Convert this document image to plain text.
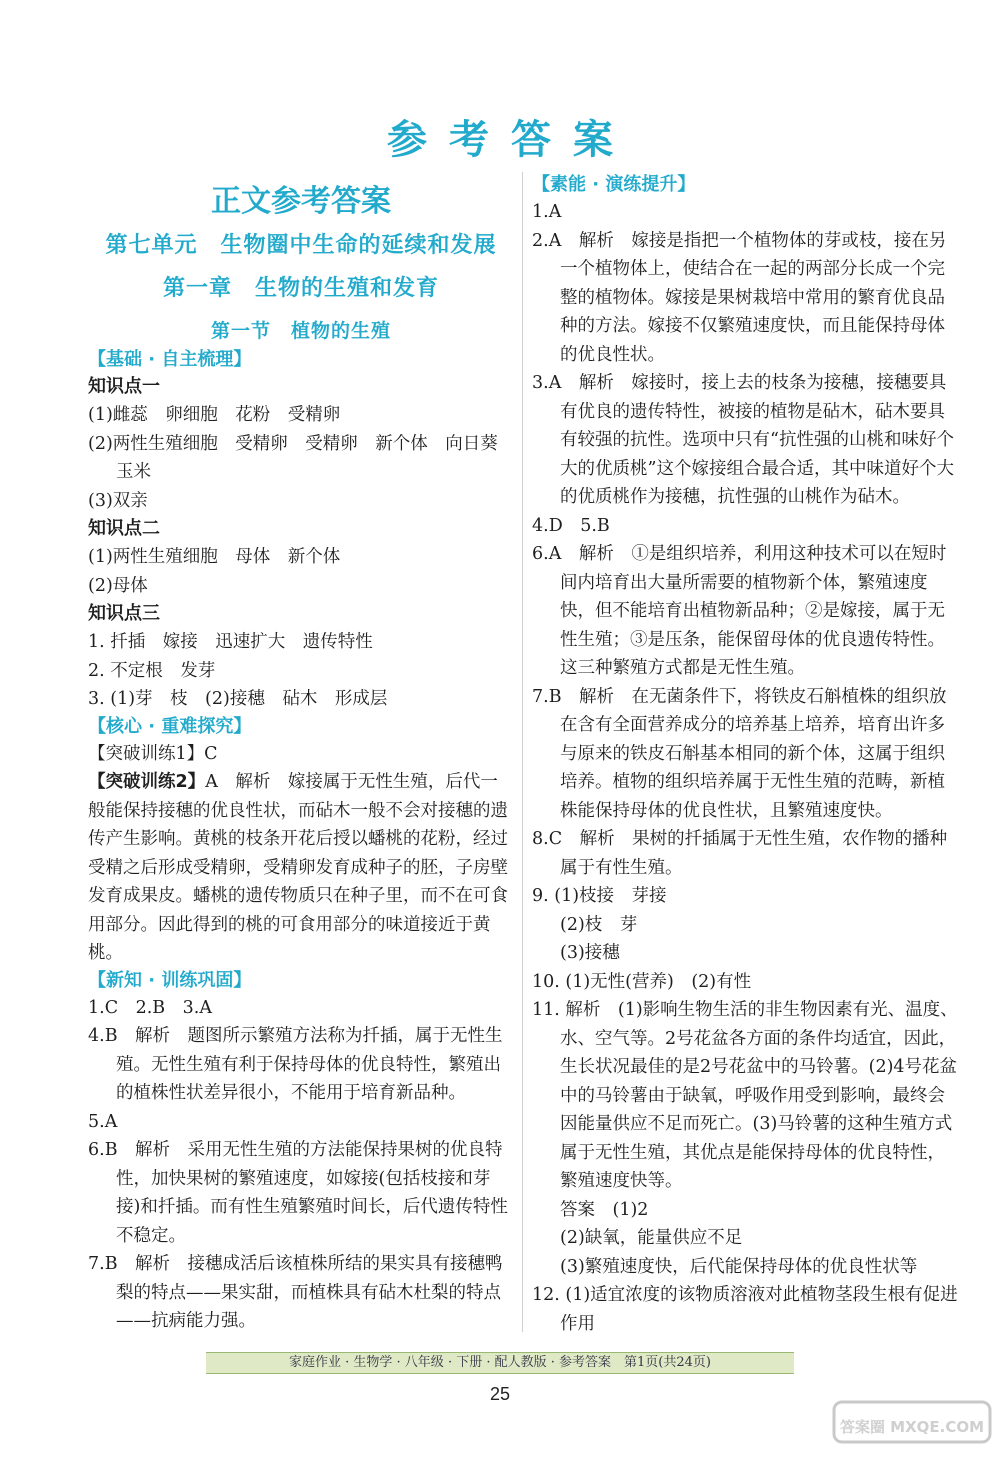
参考答案
正文参考答案
第七单元　生物圈中生命的延续和发展
第一章　生物的生殖和发育
第一节　植物的生殖
【基础 · 自主梳理】
知识点一
(1)雌蕊　卵细胞　花粉　受精卵
(2)两性生殖细胞　受精卵　受精卵　新个体　向日葵　玉米
(3)双亲
知识点二
(1)两性生殖细胞　母体　新个体
(2)母体
知识点三
1. 扦插　嫁接　迅速扩大　遗传特性
2. 不定根　发芽
3. (1)芽　枝　(2)接穗　砧木　形成层
【核心 · 重难探究】
【突破训练1】C
【突破训练2】A　解析　嫁接属于无性生殖，后代一般能保持接穗的优良性状，而砧木一般不会对接穗的遗传产生影响。黄桃的枝条开花后授以蟠桃的花粉，经过受精之后形成受精卵，受精卵发育成种子的胚，子房壁发育成果皮。蟠桃的遗传物质只在种子里，而不在可食用部分。因此得到的桃的可食用部分的味道接近于黄桃。
【新知 · 训练巩固】
1.C　2.B　3.A
4.B　解析　题图所示繁殖方法称为扦插，属于无性生殖。无性生殖有利于保持母体的优良特性，繁殖出的植株性状差异很小，不能用于培育新品种。
5.A
6.B　解析　采用无性生殖的方法能保持果树的优良特性，加快果树的繁殖速度，如嫁接(包括枝接和芽接)和扦插。而有性生殖繁殖时间长，后代遗传特性不稳定。
7.B　解析　接穗成活后该植株所结的果实具有接穗鸭梨的特点——果实甜，而植株具有砧木杜梨的特点——抗病能力强。
【素能 · 演练提升】
1.A
2.A　解析　嫁接是指把一个植物体的芽或枝，接在另一个植物体上，使结合在一起的两部分长成一个完整的植物体。嫁接是果树栽培中常用的繁育优良品种的方法。嫁接不仅繁殖速度快，而且能保持母体的优良性状。
3.A　解析　嫁接时，接上去的枝条为接穗，接穗要具有优良的遗传特性，被接的植物是砧木，砧木要具有较强的抗性。选项中只有“抗性强的山桃和味好个大的优质桃”这个嫁接组合最合适，其中味道好个大的优质桃作为接穗，抗性强的山桃作为砧木。
4.D　5.B
6.A　解析　①是组织培养，利用这种技术可以在短时间内培育出大量所需要的植物新个体，繁殖速度快，但不能培育出植物新品种；②是嫁接，属于无性生殖；③是压条，能保留母体的优良遗传特性。这三种繁殖方式都是无性生殖。
7.B　解析　在无菌条件下，将铁皮石斛植株的组织放在含有全面营养成分的培养基上培养，培育出许多与原来的铁皮石斛基本相同的新个体，这属于组织培养。植物的组织培养属于无性生殖的范畴，新植株能保持母体的优良性状，且繁殖速度快。
8.C　解析　果树的扦插属于无性生殖，农作物的播种属于有性生殖。
9. (1)枝接　芽接
(2)枝　芽
(3)接穗
10. (1)无性(营养)　(2)有性
11. 解析　(1)影响生物生活的非生物因素有光、温度、水、空气等。2号花盆各方面的条件均适宜，因此，生长状况最佳的是2号花盆中的马铃薯。(2)4号花盆中的马铃薯由于缺氧，呼吸作用受到影响，最终会因能量供应不足而死亡。(3)马铃薯的这种生殖方式属于无性生殖，其优点是能保持母体的优良特性，繁殖速度快等。
答案　(1)2
(2)缺氧，能量供应不足
(3)繁殖速度快，后代能保持母体的优良性状等
12. (1)适宜浓度的该物质溶液对此植物茎段生根有促进作用
家庭作业 · 生物学 · 八年级 · 下册 · 配人教版 · 参考答案　第1页(共24页)
25
答案圈 MXQE.COM
